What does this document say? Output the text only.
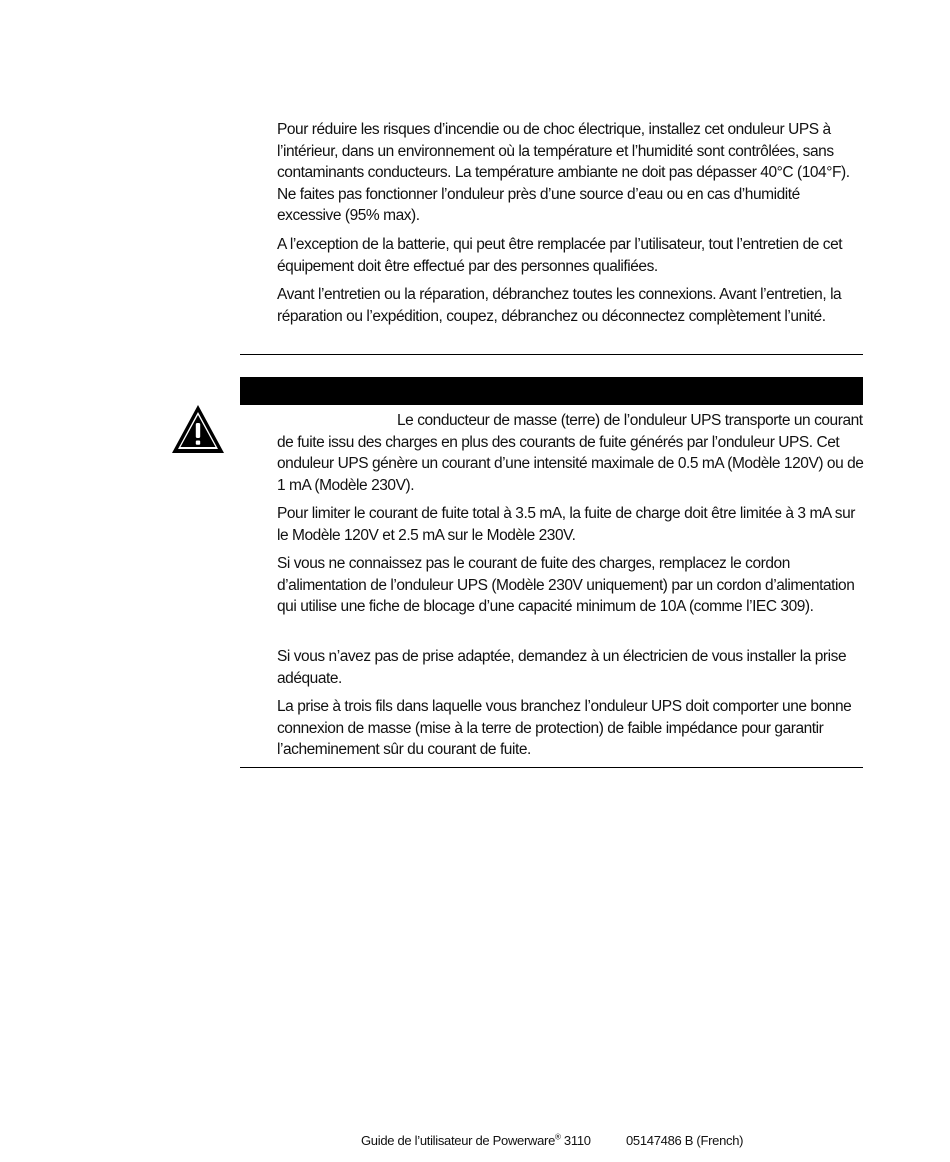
Pour réduire les risques d’incendie ou de choc électrique, installez cet onduleur UPS à l’intérieur, dans un environnement où la température et l’humidité sont contrôlées, sans contaminants conducteurs. La température ambiante ne doit pas dépasser 40°C (104°F). Ne faites pas fonctionner l’onduleur près d’une source d’eau ou en cas d’humidité excessive (95% max).

A l’exception de la batterie, qui peut être remplacée par l’utilisateur, tout l’entretien de cet équipement doit être effectué par des personnes qualifiées.

Avant l’entretien ou la réparation, débranchez toutes les connexions. Avant l’entretien, la réparation ou l’expédition, coupez, débranchez ou déconnectez complètement l’unité.

Le conducteur de masse (terre) de l’onduleur UPS transporte un courant de fuite issu des charges en plus des courants de fuite générés par l’onduleur UPS. Cet onduleur UPS génère un courant d’une intensité maximale de 0.5 mA (Modèle 120V) ou de 1 mA (Modèle 230V).

Pour limiter le courant de fuite total à 3.5 mA, la fuite de charge doit être limitée à 3 mA sur le Modèle 120V et 2.5 mA sur le Modèle 230V.

Si vous ne connaissez pas le courant de fuite des charges, remplacez le cordon d’alimentation de l’onduleur UPS (Modèle 230V uniquement) par un cordon d’alimentation qui utilise une fiche de blocage d’une capacité minimum de 10A (comme l’IEC 309).

Si vous n’avez pas de prise adaptée, demandez à un électricien de vous installer la prise adéquate.

La prise à trois fils dans laquelle vous branchez l’onduleur UPS doit comporter une bonne connexion de masse (mise à la terre de protection) de faible impédance pour garantir l’acheminement sûr du courant de fuite.

Guide de l’utilisateur de Powerware® 3110	05147486 B (French)
